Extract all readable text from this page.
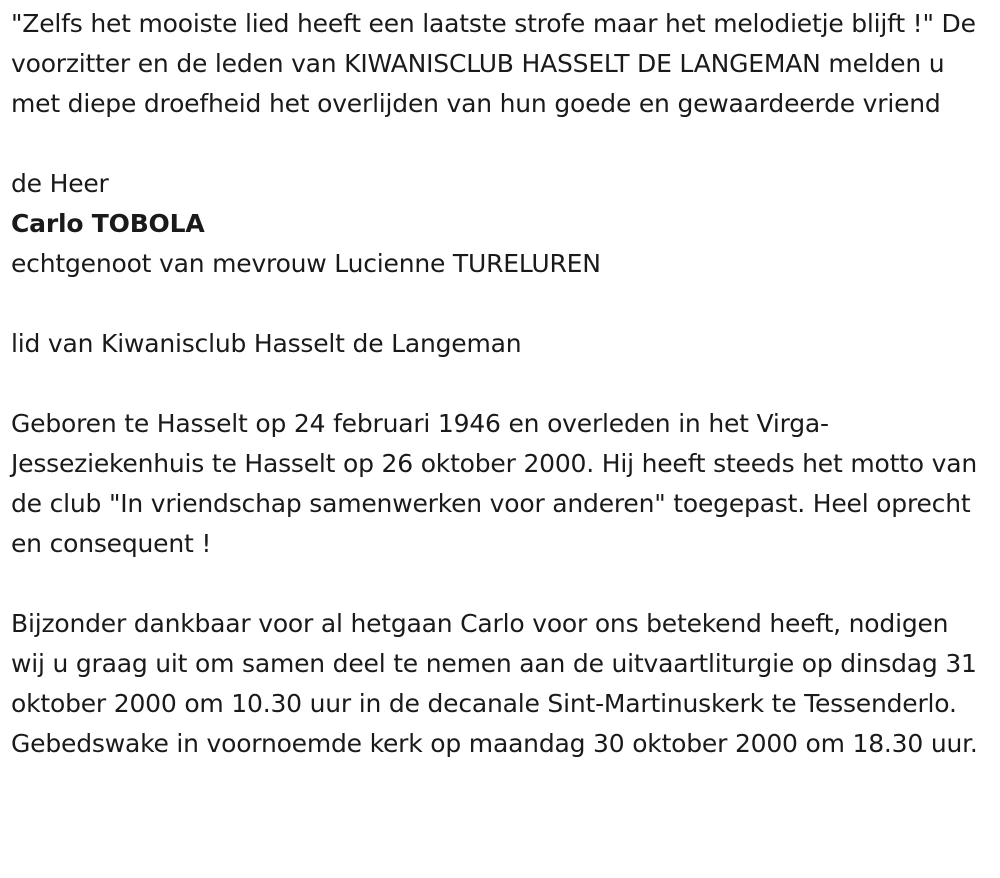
"Zelfs het mooiste lied heeft een laatste strofe maar het melodietje blijft !" De voorzitter en de leden van KIWANISCLUB HASSELT DE LANGEMAN melden u met diepe droefheid het overlijden van hun goede en gewaardeerde vriend

de Heer

Carlo TOBOLA

echtgenoot van mevrouw Lucienne TURELUREN

lid van Kiwanisclub Hasselt de Langeman

Geboren te Hasselt op 24 februari 1946 en overleden in het Virga-Jesseziekenhuis te Hasselt op 26 oktober 2000. Hij heeft steeds het motto van de club "In vriendschap samenwerken voor anderen" toegepast. Heel oprecht en consequent !

Bijzonder dankbaar voor al hetgaan Carlo voor ons betekend heeft, nodigen wij u graag uit om samen deel te nemen aan de uitvaartliturgie op dinsdag 31 oktober 2000 om 10.30 uur in de decanale Sint-Martinuskerk te Tessenderlo. Gebedswake in voornoemde kerk op maandag 30 oktober 2000 om 18.30 uur.
